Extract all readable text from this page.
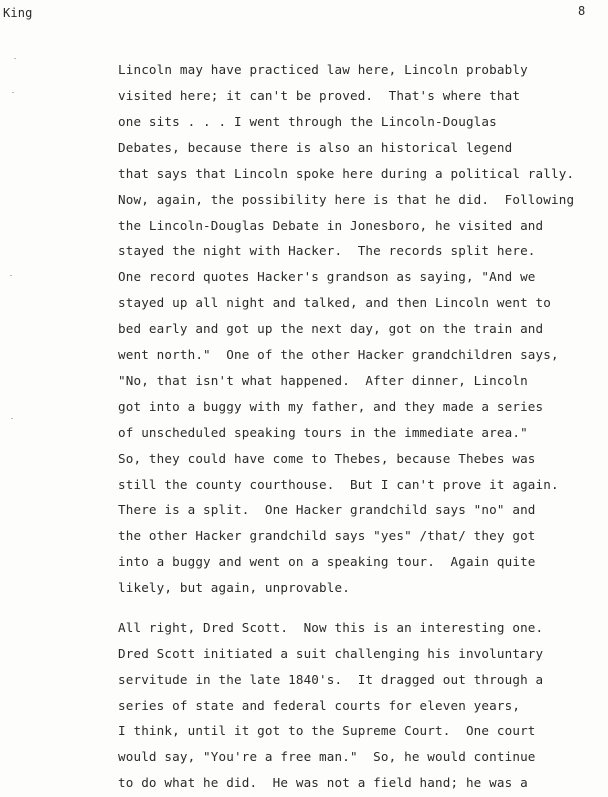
King	8
Lincoln may have practiced law here, Lincoln probably
visited here; it can't be proved.  That's where that
one sits . . . I went through the Lincoln-Douglas
Debates, because there is also an historical legend
that says that Lincoln spoke here during a political rally.
Now, again, the possibility here is that he did.  Following
the Lincoln-Douglas Debate in Jonesboro, he visited and
stayed the night with Hacker.  The records split here.
One record quotes Hacker's grandson as saying, "And we
stayed up all night and talked, and then Lincoln went to
bed early and got up the next day, got on the train and
went north."  One of the other Hacker grandchildren says,
"No, that isn't what happened.  After dinner, Lincoln
got into a buggy with my father, and they made a series
of unscheduled speaking tours in the immediate area."
So, they could have come to Thebes, because Thebes was
still the county courthouse.  But I can't prove it again.
There is a split.  One Hacker grandchild says "no" and
the other Hacker grandchild says "yes" /that/ they got
into a buggy and went on a speaking tour.  Again quite
likely, but again, unprovable.
All right, Dred Scott.  Now this is an interesting one.
Dred Scott initiated a suit challenging his involuntary
servitude in the late 1840's.  It dragged out through a
series of state and federal courts for eleven years,
I think, until it got to the Supreme Court.  One court
would say, "You're a free man."  So, he would continue
to do what he did.  He was not a field hand; he was a
